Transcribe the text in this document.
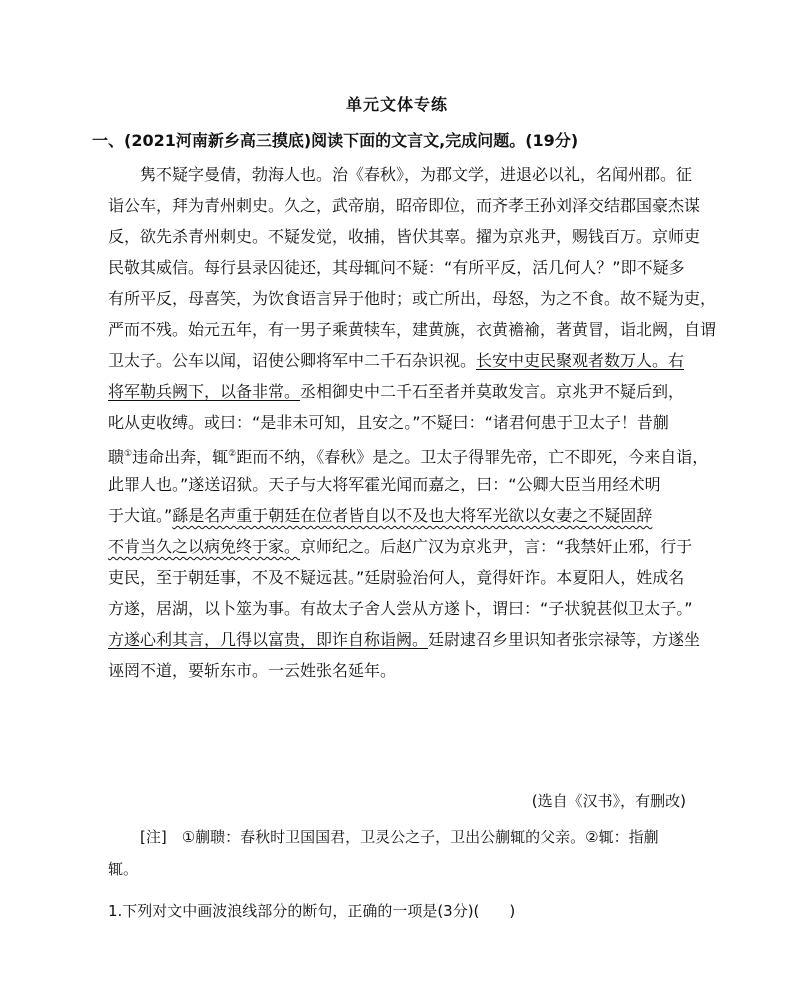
单元文体专练
一、(2021河南新乡高三摸底)阅读下面的文言文,完成问题。(19分)
隽不疑字曼倩，勃海人也。治《春秋》，为郡文学，进退必以礼，名闻州郡。征
诣公车，拜为青州刺史。久之，武帝崩，昭帝即位，而齐孝王孙刘泽交结郡国豪杰谋
反，欲先杀青州刺史。不疑发觉，收捕，皆伏其辜。擢为京兆尹，赐钱百万。京师吏
民敬其威信。每行县录囚徒还，其母辄问不疑：“有所平反，活几何人？”即不疑多
有所平反，母喜笑，为饮食语言异于他时；或亡所出，母怒，为之不食。故不疑为吏，
严而不残。始元五年，有一男子乘黄犊车，建黄旐，衣黄襜褕，著黄冒，诣北阙，自谓
卫太子。公车以闻，诏使公卿将军中二千石杂识视。长安中吏民聚观者数万人。右
将军勒兵阙下，以备非常。丞相御史中二千石至者并莫敢发言。京兆尹不疑后到，
叱从吏收缚。或曰：“是非未可知，且安之。”不疑曰：“诸君何患于卫太子！昔蒯
聩①违命出奔，辄②距而不纳，《春秋》是之。卫太子得罪先帝，亡不即死，今来自诣，
此罪人也。”遂送诏狱。天子与大将军霍光闻而嘉之，曰：“公卿大臣当用经术明
于大谊。”繇是名声重于朝廷在位者皆自以不及也大将军光欲以女妻之不疑固辞
不肯当久之以病免终于家。京师纪之。后赵广汉为京兆尹，言：“我禁奸止邪，行于
吏民，至于朝廷事，不及不疑远甚。”廷尉验治何人，竟得奸诈。本夏阳人，姓成名
方遂，居湖，以卜筮为事。有故太子舍人尝从方遂卜，谓曰：“子状貌甚似卫太子。”
方遂心利其言，几得以富贵，即诈自称诣阙。廷尉逮召乡里识知者张宗禄等，方遂坐
诬罔不道，要斩东市。一云姓张名延年。
(选自《汉书》，有删改)
[注]　①蒯聩：春秋时卫国国君，卫灵公之子，卫出公蒯辄的父亲。②辄：指蒯
辄。
1.下列对文中画波浪线部分的断句，正确的一项是(3分)(　　)
